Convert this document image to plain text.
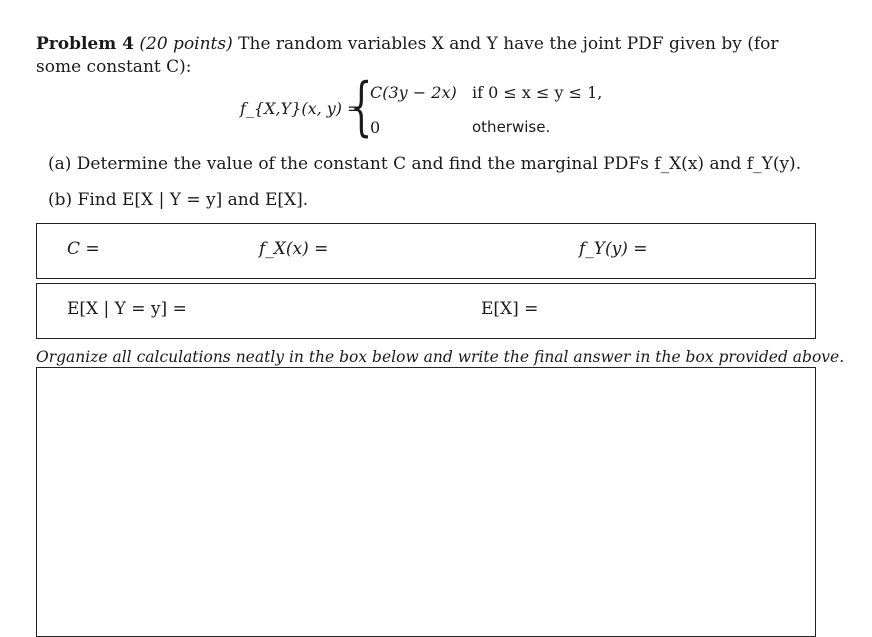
Problem 4 (20 points) The random variables X and Y have the joint PDF given by (for some constant C):
f_{X,Y}(x, y) =
{
C(3y − 2x) if 0 ≤ x ≤ y ≤ 1,
0	otherwise.
(a) Determine the value of the constant C and find the marginal PDFs f_X(x) and f_Y(y).
(b) Find E[X | Y = y] and E[X].
C =	f_X(x) =	f_Y(y) =
E[X | Y = y] =	E[X] =
Organize all calculations neatly in the box below and write the final answer in the box provided above.
